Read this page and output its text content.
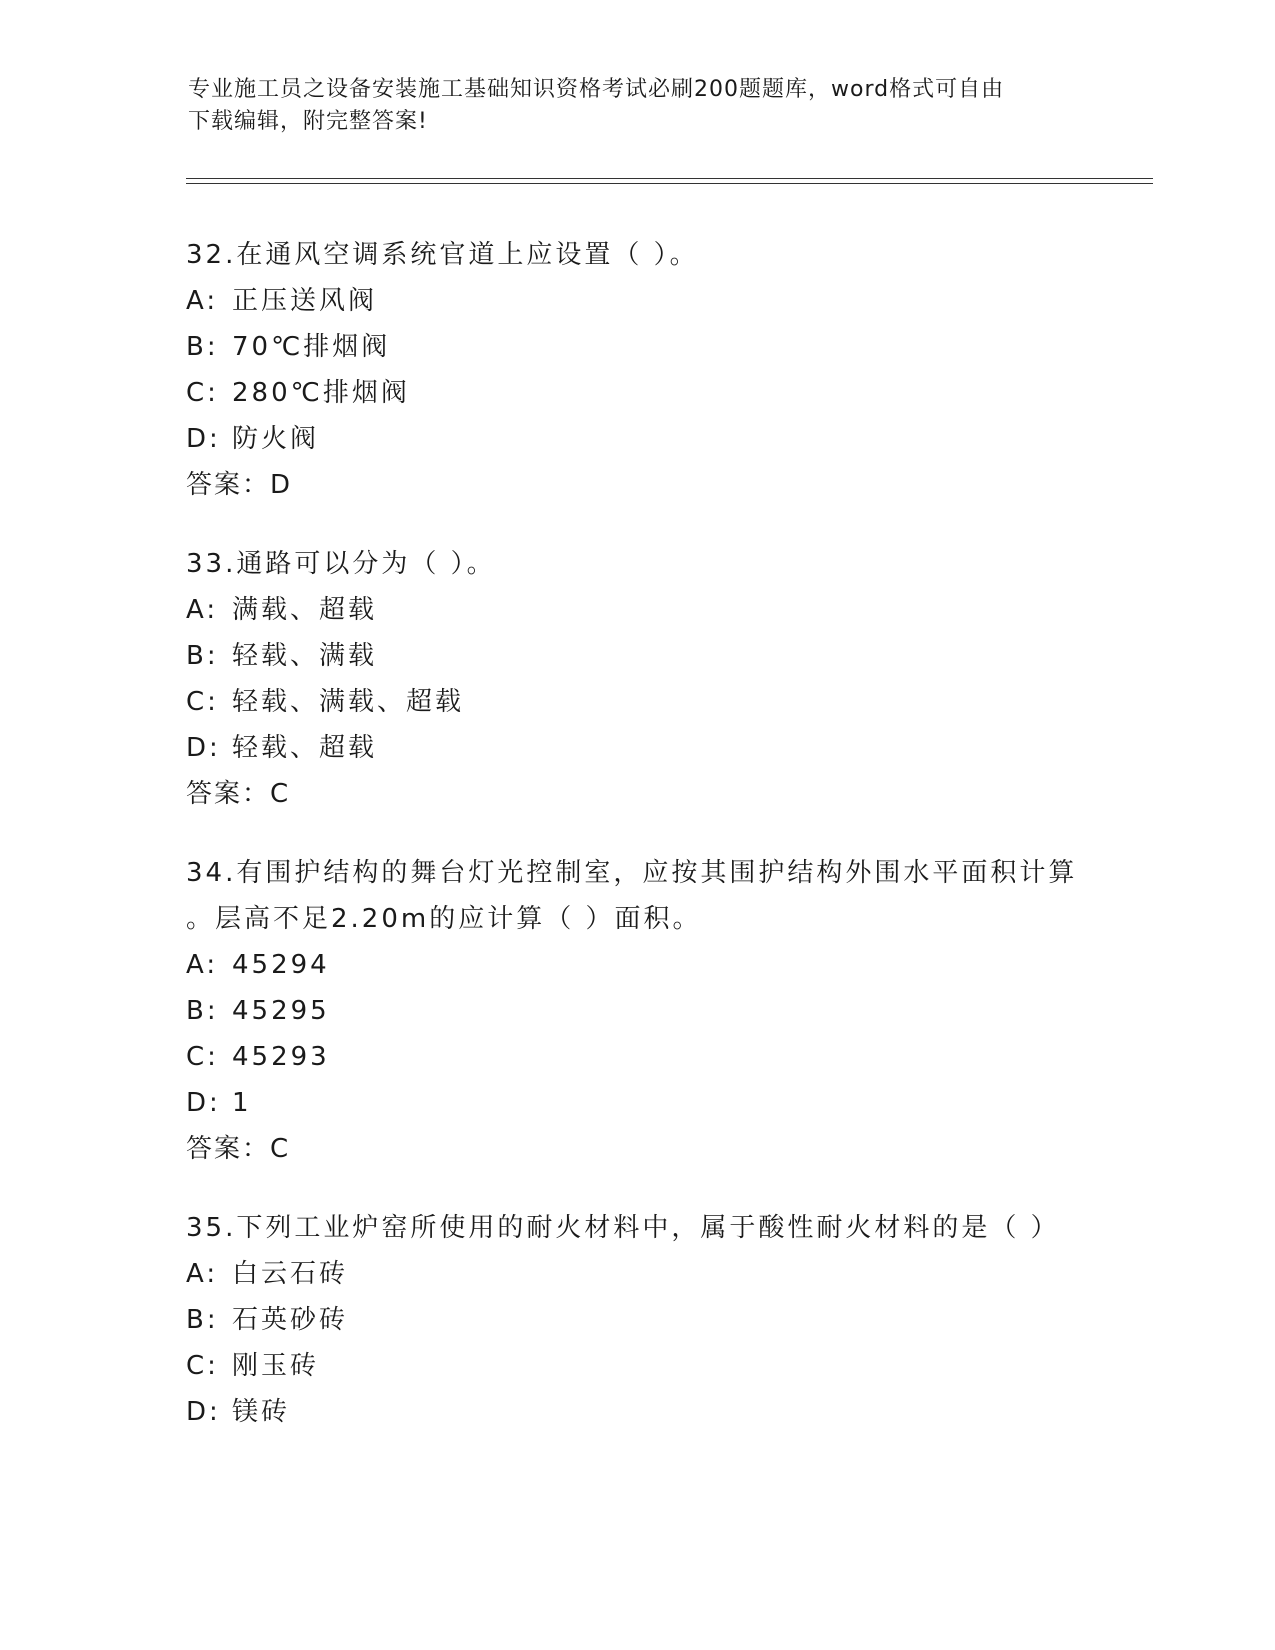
专业施工员之设备安装施工基础知识资格考试必刷200题题库，word格式可自由
下载编辑，附完整答案!
32.在通风空调系统官道上应设置（ ）。
A: 正压送风阀
B: 70℃排烟阀
C: 280℃排烟阀
D: 防火阀
答案：D
33.通路可以分为（ ）。
A: 满载、超载
B: 轻载、满载
C: 轻载、满载、超载
D: 轻载、超载
答案：C
34.有围护结构的舞台灯光控制室，应按其围护结构外围水平面积计算
。层高不足2.20m的应计算（ ）面积。
A: 45294
B: 45295
C: 45293
D: 1
答案：C
35.下列工业炉窑所使用的耐火材料中，属于酸性耐火材料的是（ ）
A: 白云石砖
B: 石英砂砖
C: 刚玉砖
D: 镁砖
